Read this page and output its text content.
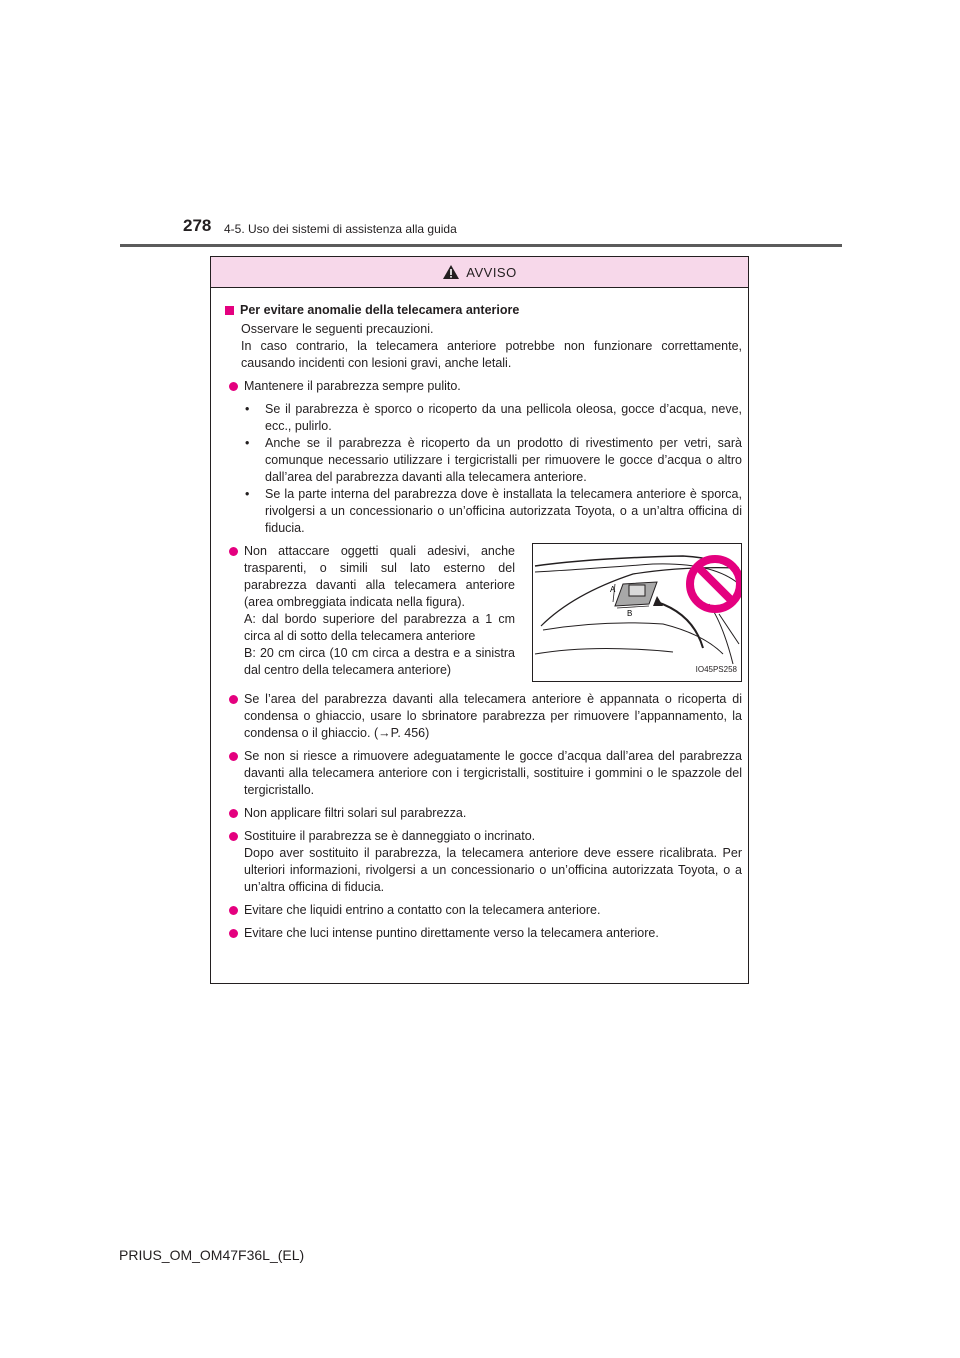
278 4-5. Uso dei sistemi di assistenza alla guida
AVVISO
Per evitare anomalie della telecamera anteriore

Osservare le seguenti precauzioni.

In caso contrario, la telecamera anteriore potrebbe non funzionare correttamente, causando incidenti con lesioni gravi, anche letali.

Mantenere il parabrezza sempre pulito.
•	Se il parabrezza è sporco o ricoperto da una pellicola oleosa, gocce d’acqua, neve, ecc., pulirlo.
•	Anche se il parabrezza è ricoperto da un prodotto di rivestimento per vetri, sarà comunque necessario utilizzare i tergicristalli per rimuovere le gocce d’acqua o altro dall’area del parabrezza davanti alla telecamera anteriore.
•	Se la parte interna del parabrezza dove è installata la telecamera anteriore è sporca, rivolgersi a un concessionario o un’officina autorizzata Toyota, o a un’altra officina di fiducia.
Non attaccare oggetti quali adesivi, anche trasparenti, o simili sul lato esterno del parabrezza davanti alla telecamera anteriore (area ombreggiata indicata nella figura).
A: dal bordo superiore del parabrezza a 1 cm circa al di sotto della telecamera anteriore
B: 20 cm circa (10 cm circa a destra e a sinistra dal centro della telecamera anteriore)
A
B
IO45PS258
Se l’area del parabrezza davanti alla telecamera anteriore è appannata o ricoperta di condensa o ghiaccio, usare lo sbrinatore parabrezza per rimuovere l’appannamento, la condensa o il ghiaccio. (→P. 456)
Se non si riesce a rimuovere adeguatamente le gocce d’acqua dall’area del parabrezza davanti alla telecamera anteriore con i tergicristalli, sostituire i gommini o le spazzole del tergicristallo.
Non applicare filtri solari sul parabrezza.
Sostituire il parabrezza se è danneggiato o incrinato.
Dopo aver sostituito il parabrezza, la telecamera anteriore deve essere ricalibrata. Per ulteriori informazioni, rivolgersi a un concessionario o un’officina autorizzata Toyota, o a un’altra officina di fiducia.
Evitare che liquidi entrino a contatto con la telecamera anteriore.
Evitare che luci intense puntino direttamente verso la telecamera anteriore.
PRIUS_OM_OM47F36L_(EL)
